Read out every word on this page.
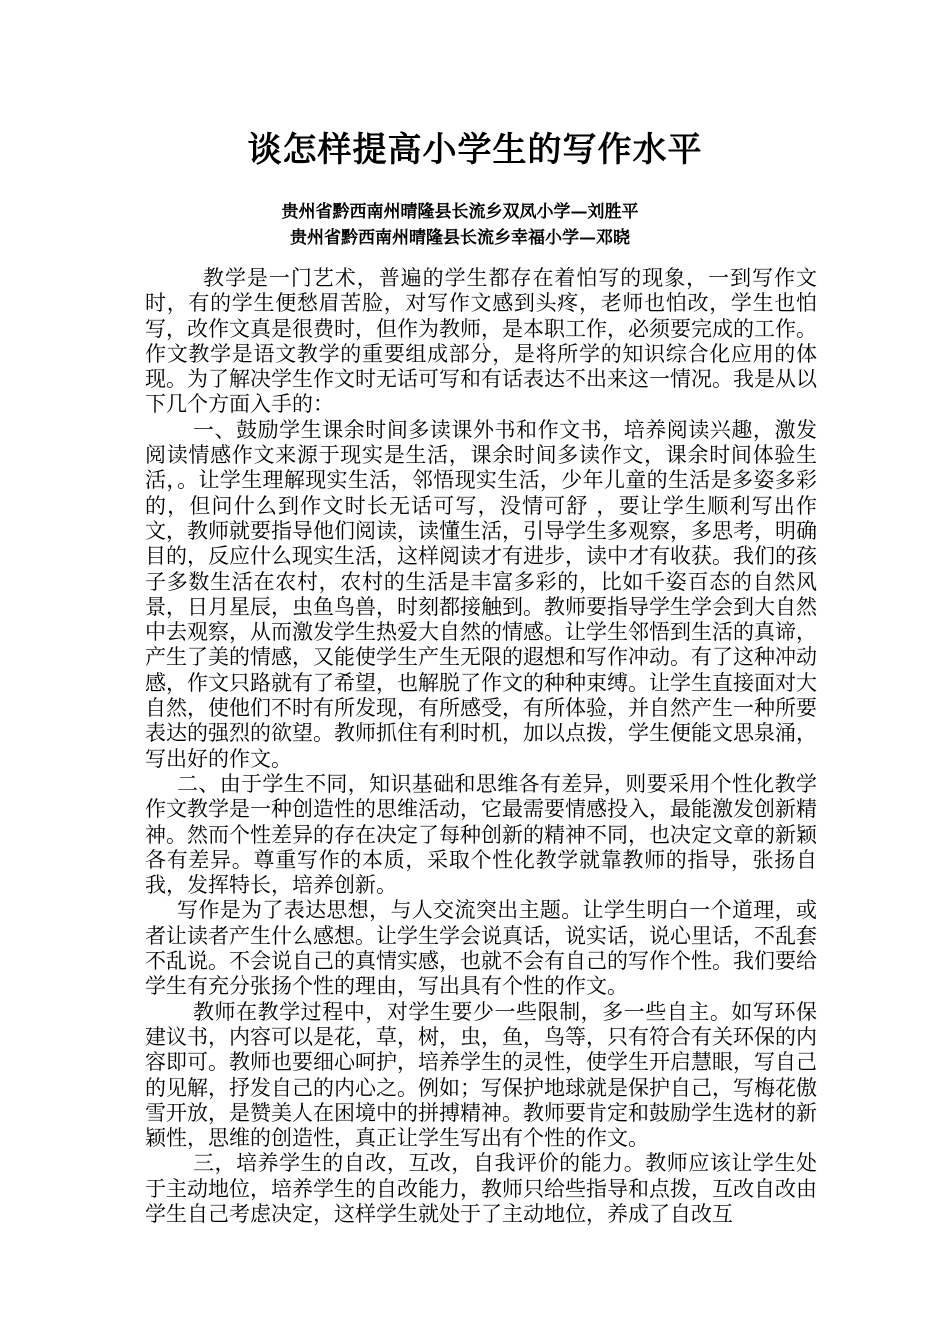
谈怎样提高小学生的写作水平
贵州省黔西南州晴隆县长流乡双凤小学—刘胜平
贵州省黔西南州晴隆县长流乡幸福小学—邓晓

教学是一门艺术，普遍的学生都存在着怕写的现象，一到写作文时，有的学生便愁眉苦脸，对写作文感到头疼，老师也怕改，学生也怕写，改作文真是很费时，但作为教师，是本职工作，必须要完成的工作。作文教学是语文教学的重要组成部分，是将所学的知识综合化应用的体现。为了解决学生作文时无话可写和有话表达不出来这一情况。我是从以下几个方面入手的：

一、鼓励学生课余时间多读课外书和作文书，培养阅读兴趣，激发阅读情感作文来源于现实是生活，课余时间多读作文，课余时间体验生活，。让学生理解现实生活，邻悟现实生活，少年儿童的生活是多姿多彩的，但问什么到作文时长无话可写，没情可舒 ，要让学生顺利写出作文，教师就要指导他们阅读，读懂生活，引导学生多观察，多思考，明确目的，反应什么现实生活，这样阅读才有进步，读中才有收获。我们的孩子多数生活在农村，农村的生活是丰富多彩的，比如千姿百态的自然风景，日月星辰，虫鱼鸟兽，时刻都接触到。教师要指导学生学会到大自然中去观察，从而激发学生热爱大自然的情感。让学生邻悟到生活的真谛，产生了美的情感，又能使学生产生无限的遐想和写作冲动。有了这种冲动感，作文只路就有了希望，也解脱了作文的种种束缚。让学生直接面对大自然，使他们不时有所发现，有所感受，有所体验，并自然产生一种所要表达的强烈的欲望。教师抓住有利时机，加以点拨，学生便能文思泉涌，写出好的作文。

二、由于学生不同，知识基础和思维各有差异，则要采用个性化教学作文教学是一种创造性的思维活动，它最需要情感投入，最能激发创新精神。然而个性差异的存在决定了每种创新的精神不同，也决定文章的新颖各有差异。尊重写作的本质，采取个性化教学就靠教师的指导，张扬自我，发挥特长，培养创新。

写作是为了表达思想，与人交流突出主题。让学生明白一个道理，或者让读者产生什么感想。让学生学会说真话，说实话，说心里话，不乱套不乱说。不会说自己的真情实感，也就不会有自己的写作个性。我们要给学生有充分张扬个性的理由，写出具有个性的作文。

教师在教学过程中，对学生要少一些限制，多一些自主。如写环保建议书，内容可以是花，草，树，虫，鱼，鸟等，只有符合有关环保的内容即可。教师也要细心呵护，培养学生的灵性，使学生开启慧眼，写自己的见解，抒发自己的内心之。例如；写保护地球就是保护自己，写梅花傲雪开放，是赞美人在困境中的拼搏精神。教师要肯定和鼓励学生选材的新颖性，思维的创造性，真正让学生写出有个性的作文。

三，培养学生的自改，互改，自我评价的能力。教师应该让学生处于主动地位，培养学生的自改能力，教师只给些指导和点拨，互改自改由学生自己考虑决定，这样学生就处于了主动地位，养成了自改互
